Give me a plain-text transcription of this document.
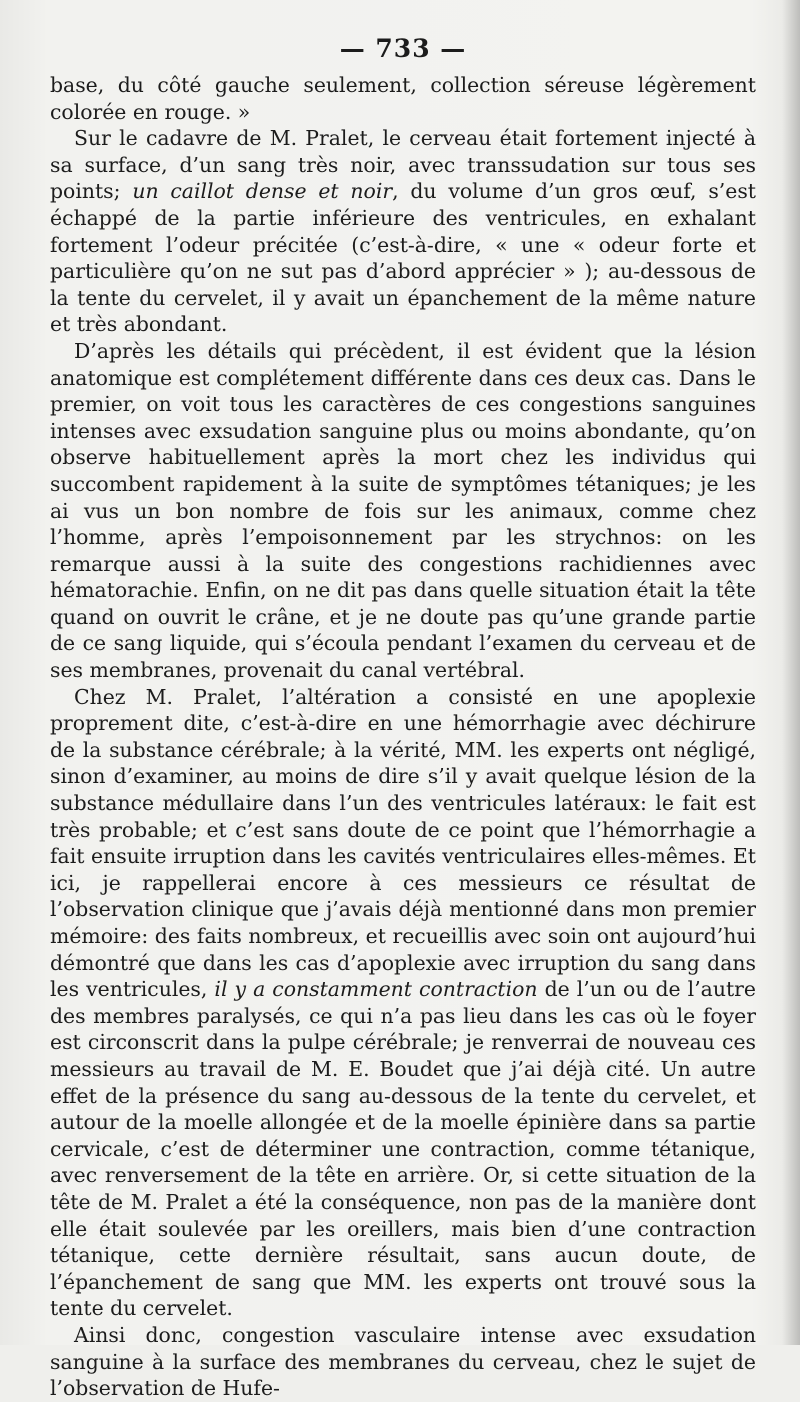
— 733 —

base, du côté gauche seulement, collection séreuse légèrement colorée en rouge. »

Sur le cadavre de M. Pralet, le cerveau était fortement injecté à sa surface, d’un sang très noir, avec transsudation sur tous ses points; un caillot dense et noir, du volume d’un gros œuf, s’est échappé de la partie inférieure des ventricules, en exhalant fortement l’odeur précitée (c’est-à-dire, « une « odeur forte et particulière qu’on ne sut pas d’abord apprécier » ); au-dessous de la tente du cervelet, il y avait un épanchement de la même nature et très abondant.

D’après les détails qui précèdent, il est évident que la lésion anatomique est complétement différente dans ces deux cas. Dans le premier, on voit tous les caractères de ces congestions sanguines intenses avec exsudation sanguine plus ou moins abondante, qu’on observe habituellement après la mort chez les individus qui succombent rapidement à la suite de symptômes tétaniques; je les ai vus un bon nombre de fois sur les animaux, comme chez l’homme, après l’empoisonnement par les strychnos: on les remarque aussi à la suite des congestions rachidiennes avec hématorachie. Enfin, on ne dit pas dans quelle situation était la tête quand on ouvrit le crâne, et je ne doute pas qu’une grande partie de ce sang liquide, qui s’écoula pendant l’examen du cerveau et de ses membranes, provenait du canal vertébral.

Chez M. Pralet, l’altération a consisté en une apoplexie proprement dite, c’est-à-dire en une hémorrhagie avec déchirure de la substance cérébrale; à la vérité, MM. les experts ont négligé, sinon d’examiner, au moins de dire s’il y avait quelque lésion de la substance médullaire dans l’un des ventricules latéraux: le fait est très probable; et c’est sans doute de ce point que l’hémorrhagie a fait ensuite irruption dans les cavités ventriculaires elles-mêmes. Et ici, je rappellerai encore à ces messieurs ce résultat de l’observation clinique que j’avais déjà mentionné dans mon premier mémoire: des faits nombreux, et recueillis avec soin ont aujourd’hui démontré que dans les cas d’apoplexie avec irruption du sang dans les ventricules, il y a constamment contraction de l’un ou de l’autre des membres paralysés, ce qui n’a pas lieu dans les cas où le foyer est circonscrit dans la pulpe cérébrale; je renverrai de nouveau ces messieurs au travail de M. E. Boudet que j’ai déjà cité. Un autre effet de la présence du sang au-dessous de la tente du cervelet, et autour de la moelle allongée et de la moelle épinière dans sa partie cervicale, c’est de déterminer une contraction, comme tétanique, avec renversement de la tête en arrière. Or, si cette situation de la tête de M. Pralet a été la conséquence, non pas de la manière dont elle était soulevée par les oreillers, mais bien d’une contraction tétanique, cette dernière résultait, sans aucun doute, de l’épanchement de sang que MM. les experts ont trouvé sous la tente du cervelet.

Ainsi donc, congestion vasculaire intense avec exsudation sanguine à la surface des membranes du cerveau, chez le sujet de l’observation de Hufe-
